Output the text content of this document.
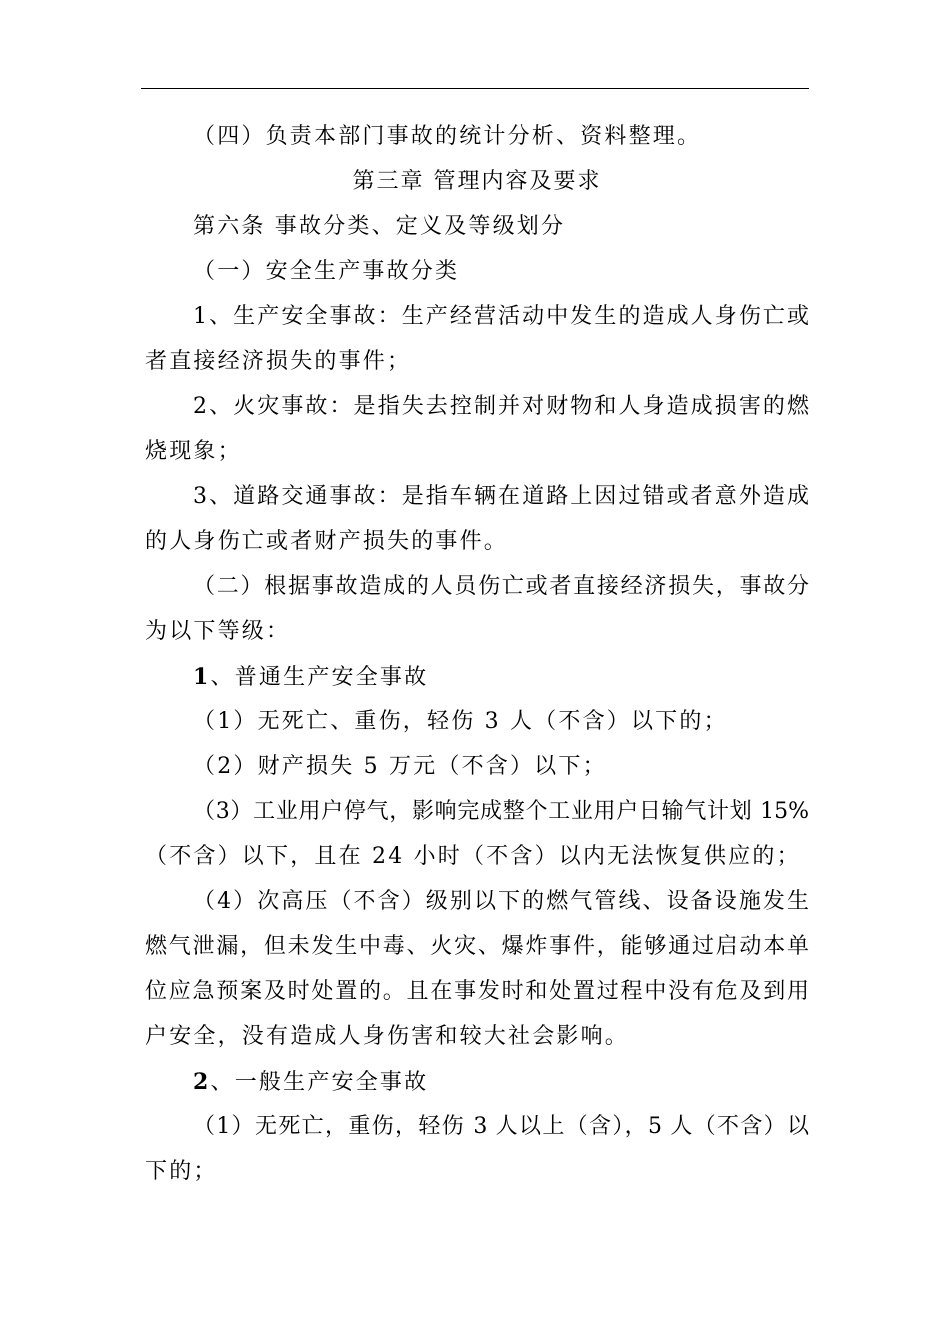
（四）负责本部门事故的统计分析、资料整理。
第三章 管理内容及要求
第六条 事故分类、定义及等级划分
（一）安全生产事故分类
1、生产安全事故：生产经营活动中发生的造成人身伤亡或
者直接经济损失的事件；
2、火灾事故：是指失去控制并对财物和人身造成损害的燃
烧现象；
3、道路交通事故：是指车辆在道路上因过错或者意外造成
的人身伤亡或者财产损失的事件。
（二）根据事故造成的人员伤亡或者直接经济损失，事故分
为以下等级：
1、普通生产安全事故
（1）无死亡、重伤，轻伤 3 人（不含）以下的；
（2）财产损失 5 万元（不含）以下；
（3）工业用户停气，影响完成整个工业用户日输气计划 15%
（不含）以下，且在 24 小时（不含）以内无法恢复供应的；
（4）次高压（不含）级别以下的燃气管线、设备设施发生
燃气泄漏，但未发生中毒、火灾、爆炸事件，能够通过启动本单
位应急预案及时处置的。且在事发时和处置过程中没有危及到用
户安全，没有造成人身伤害和较大社会影响。
2、一般生产安全事故
（1）无死亡，重伤，轻伤 3 人以上（含），5 人（不含）以
下的；
